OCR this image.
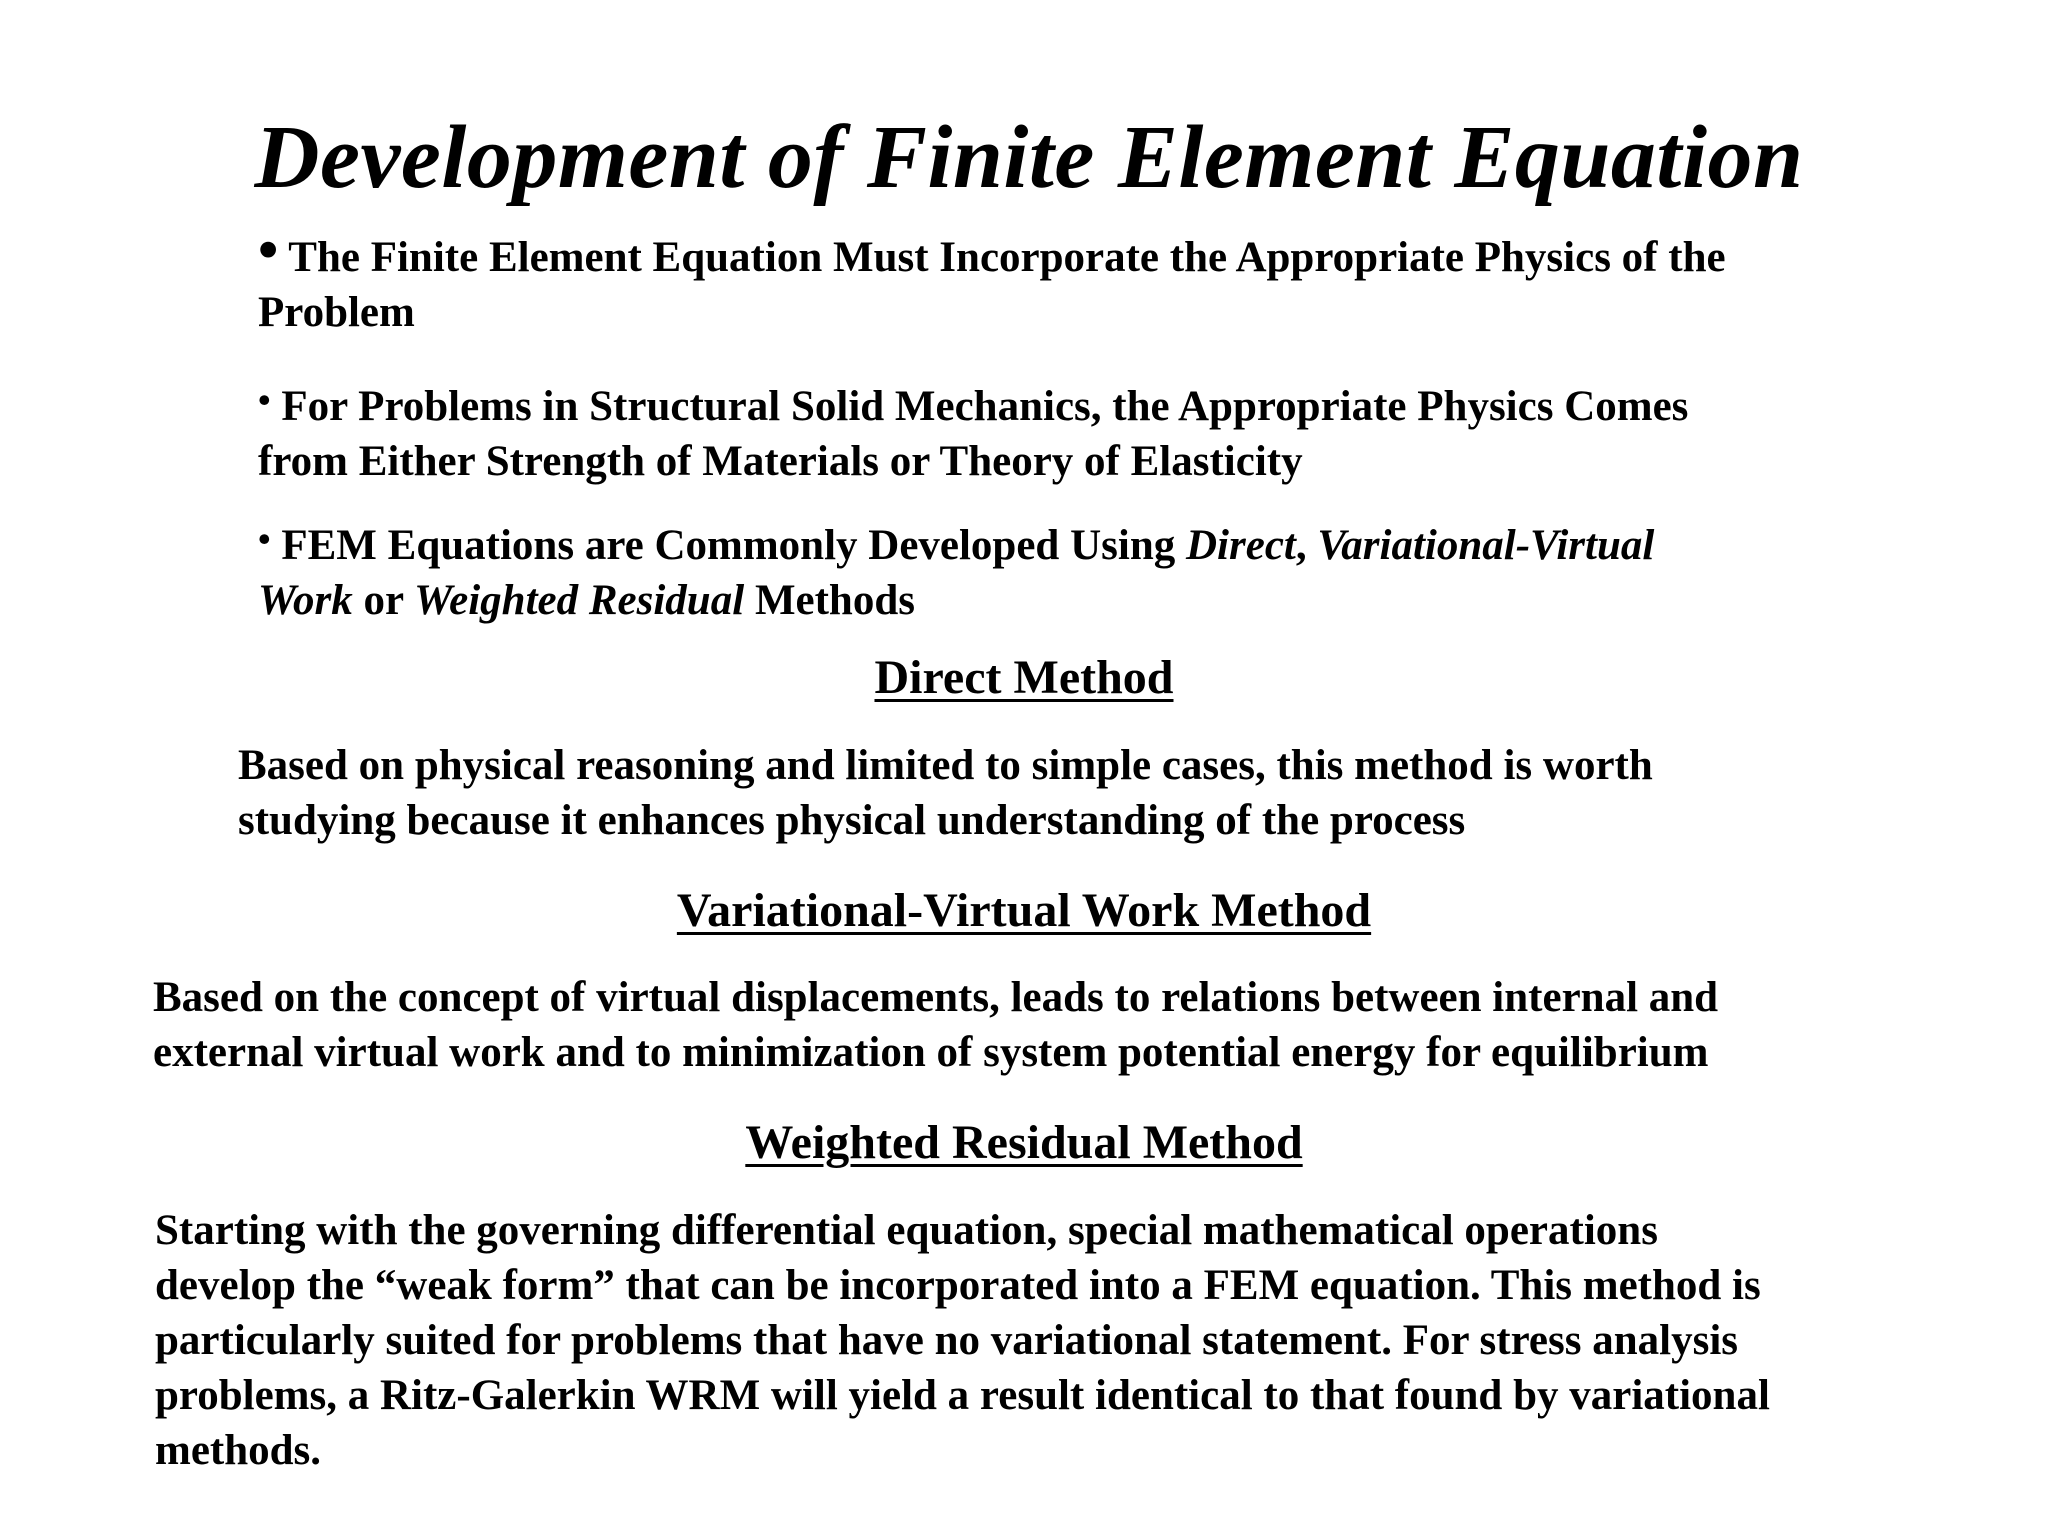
Development of Finite Element Equation
• The Finite Element Equation Must Incorporate the Appropriate Physics of the Problem
• For Problems in Structural Solid Mechanics, the Appropriate Physics Comes from Either Strength of Materials or Theory of Elasticity
• FEM Equations are Commonly Developed Using Direct, Variational-Virtual Work or Weighted Residual Methods
Direct Method
Based on physical reasoning and limited to simple cases, this method is worth studying because it enhances physical understanding of the process
Variational-Virtual Work Method
Based on the concept of virtual displacements, leads to relations between internal and external virtual work and to minimization of system potential energy for equilibrium
Weighted Residual Method
Starting with the governing differential equation, special mathematical operations develop the “weak form” that can be incorporated into a FEM equation. This method is particularly suited for problems that have no variational statement. For stress analysis problems, a Ritz-Galerkin WRM will yield a result identical to that found by variational methods.
